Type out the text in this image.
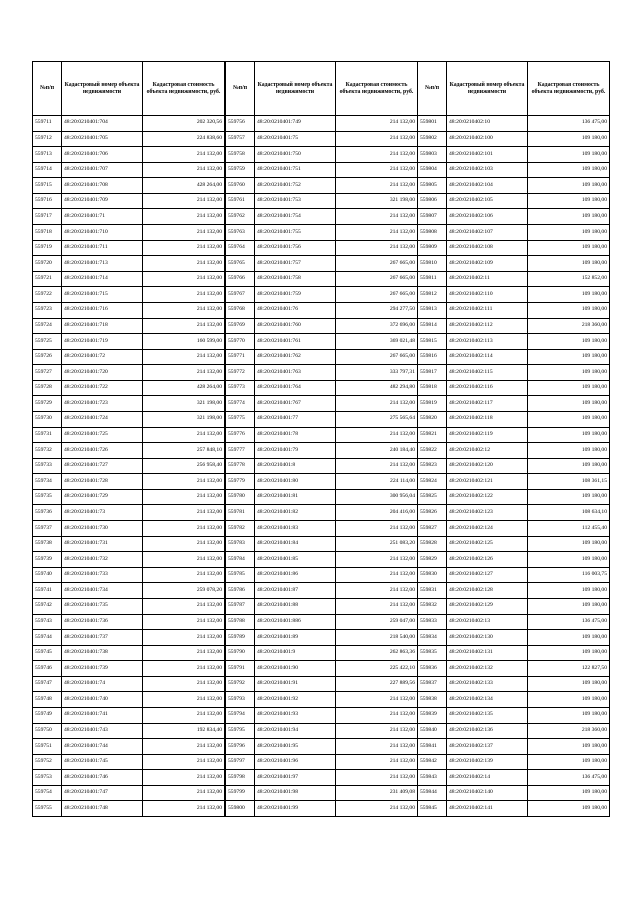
№п/п	Кадастровый номер объекта недвижимости	Кадастровая стоимость объекта недвижимости, руб.
559711	48:20:0210401:704	202 320,56
559712	48:20:0210401:705	224 838,60
559713	48:20:0210401:706	214 132,00
559714	48:20:0210401:707	214 132,00
559715	48:20:0210401:708	428 264,00
559716	48:20:0210401:709	214 132,00
559717	48:20:0210401:71	214 132,00
559718	48:20:0210401:710	214 132,00
559719	48:20:0210401:711	214 132,00
559720	48:20:0210401:713	214 132,00
559721	48:20:0210401:714	214 132,00
559722	48:20:0210401:715	214 132,00
559723	48:20:0210401:716	214 132,00
559724	48:20:0210401:718	214 132,00
559725	48:20:0210401:719	160 599,00
559726	48:20:0210401:72	214 132,00
559727	48:20:0210401:720	214 132,00
559728	48:20:0210401:722	428 264,00
559729	48:20:0210401:723	321 198,00
559730	48:20:0210401:724	321 198,00
559731	48:20:0210401:725	214 132,00
559732	48:20:0210401:726	257 848,10
559733	48:20:0210401:727	256 958,40
559734	48:20:0210401:728	214 132,00
559735	48:20:0210401:729	214 132,00
559736	48:20:0210401:73	214 132,00
559737	48:20:0210401:730	214 132,00
559738	48:20:0210401:731	214 132,00
559739	48:20:0210401:732	214 132,00
559740	48:20:0210401:733	214 132,00
559741	48:20:0210401:734	259 078,20
559742	48:20:0210401:735	214 132,00
559743	48:20:0210401:736	214 132,00
559744	48:20:0210401:737	214 132,00
559745	48:20:0210401:738	214 132,00
559746	48:20:0210401:739	214 132,00
559747	48:20:0210401:74	214 132,00
559748	48:20:0210401:740	214 132,00
559749	48:20:0210401:741	214 132,00
559750	48:20:0210401:743	192 834,40
559751	48:20:0210401:744	214 132,00
559752	48:20:0210401:745	214 132,00
559753	48:20:0210401:746	214 132,00
559754	48:20:0210401:747	214 132,00
559755	48:20:0210401:748	214 132,00
№п/п	Кадастровый номер объекта недвижимости	Кадастровая стоимость объекта недвижимости, руб.
559756	48:20:0210401:749	214 132,00
559757	48:20:0210401:75	214 132,00
559758	48:20:0210401:750	214 132,00
559759	48:20:0210401:751	214 132,00
559760	48:20:0210401:752	214 132,00
559761	48:20:0210401:753	321 198,00
559762	48:20:0210401:754	214 132,00
559763	48:20:0210401:755	214 132,00
559764	48:20:0210401:756	214 132,00
559765	48:20:0210401:757	267 665,00
559766	48:20:0210401:758	267 665,00
559767	48:20:0210401:759	267 665,00
559768	48:20:0210401:76	294 277,50
559769	48:20:0210401:760	372 696,00
559770	48:20:0210401:761	369 021,48
559771	48:20:0210401:762	267 665,00
559772	48:20:0210401:763	333 797,31
559773	48:20:0210401:764	482 294,80
559774	48:20:0210401:767	214 132,00
559775	48:20:0210401:77	275 565,64
559776	48:20:0210401:78	214 132,00
559777	48:20:0210401:79	240 184,40
559778	48:20:0210401:8	214 132,00
559779	48:20:0210401:80	224 114,00
559780	48:20:0210401:81	300 956,04
559781	48:20:0210401:82	204 416,00
559782	48:20:0210401:83	214 132,00
559783	48:20:0210401:84	251 083,20
559784	48:20:0210401:85	214 132,00
559785	48:20:0210401:86	214 132,00
559786	48:20:0210401:87	214 132,00
559787	48:20:0210401:88	214 132,00
559788	48:20:0210401:886	259 047,00
559789	48:20:0210401:89	218 540,00
559790	48:20:0210401:9	262 863,36
559791	48:20:0210401:90	225 422,10
559792	48:20:0210401:91	227 889,56
559793	48:20:0210401:92	214 132,00
559794	48:20:0210401:93	214 132,00
559795	48:20:0210401:94	214 132,00
559796	48:20:0210401:95	214 132,00
559797	48:20:0210401:96	214 132,00
559798	48:20:0210401:97	214 132,00
559799	48:20:0210401:98	231 409,08
559800	48:20:0210401:99	214 132,00
№п/п	Кадастровый номер объекта недвижимости	Кадастровая стоимость объекта недвижимости, руб.
559801	48:20:0210402:10	136 475,00
559802	48:20:0210402:100	109 180,00
559803	48:20:0210402:101	109 180,00
559804	48:20:0210402:103	109 180,00
559805	48:20:0210402:104	109 180,00
559806	48:20:0210402:105	109 180,00
559807	48:20:0210402:106	109 180,00
559808	48:20:0210402:107	109 180,00
559809	48:20:0210402:108	109 180,00
559810	48:20:0210402:109	109 180,00
559811	48:20:0210402:11	152 852,00
559812	48:20:0210402:110	109 180,00
559813	48:20:0210402:111	109 180,00
559814	48:20:0210402:112	218 360,00
559815	48:20:0210402:113	109 180,00
559816	48:20:0210402:114	109 180,00
559817	48:20:0210402:115	109 180,00
559818	48:20:0210402:116	109 180,00
559819	48:20:0210402:117	109 180,00
559820	48:20:0210402:118	109 180,00
559821	48:20:0210402:119	109 180,00
559822	48:20:0210402:12	109 180,00
559823	48:20:0210402:120	109 180,00
559824	48:20:0210402:121	108 361,15
559825	48:20:0210402:122	109 180,00
559826	48:20:0210402:123	108 634,10
559827	48:20:0210402:124	112 455,40
559828	48:20:0210402:125	109 180,00
559829	48:20:0210402:126	109 180,00
559830	48:20:0210402:127	116 003,75
559831	48:20:0210402:128	109 180,00
559832	48:20:0210402:129	109 180,00
559833	48:20:0210402:13	136 475,00
559834	48:20:0210402:130	109 180,00
559835	48:20:0210402:131	109 180,00
559836	48:20:0210402:132	122 827,50
559837	48:20:0210402:133	109 180,00
559838	48:20:0210402:134	109 180,00
559839	48:20:0210402:135	109 180,00
559840	48:20:0210402:136	218 360,00
559841	48:20:0210402:137	109 180,00
559842	48:20:0210402:139	109 180,00
559843	48:20:0210402:14	136 475,00
559844	48:20:0210402:140	109 180,00
559845	48:20:0210402:141	109 180,00
